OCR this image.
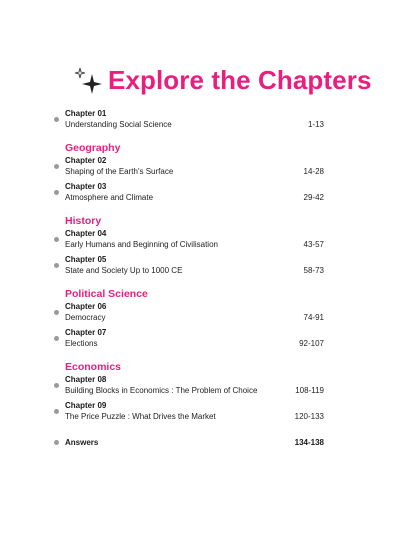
Explore the Chapters
Chapter 01
Understanding Social Science	1-13
Geography
Chapter 02
Shaping of the Earth's Surface	14-28
Chapter 03
Atmosphere and Climate	29-42
History
Chapter 04
Early Humans and Beginning of Civilisation	43-57
Chapter 05
State and Society Up to 1000 CE	58-73
Political Science
Chapter 06
Democracy	74-91
Chapter 07
Elections	92-107
Economics
Chapter 08
Building Blocks in Economics : The Problem of Choice	108-119
Chapter 09
The Price Puzzle : What Drives the Market	120-133
Answers	134-138
